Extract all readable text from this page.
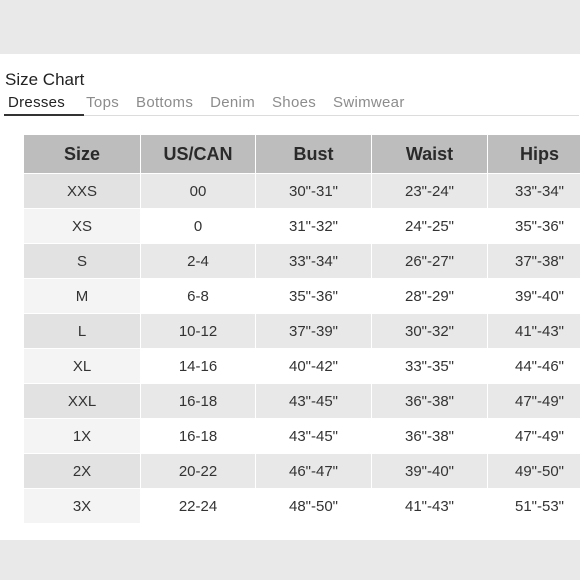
Size Chart
Dresses Tops Bottoms Denim Shoes Swimwear
Size	US/CAN	Bust	Waist	Hips
XXS	00	30"-31"	23"-24"	33"-34"
XS	0	31"-32"	24"-25"	35"-36"
S	2-4	33"-34"	26"-27"	37"-38"
M	6-8	35"-36"	28"-29"	39"-40"
L	10-12	37"-39"	30"-32"	41"-43"
XL	14-16	40"-42"	33"-35"	44"-46"
XXL	16-18	43"-45"	36"-38"	47"-49"
1X	16-18	43"-45"	36"-38"	47"-49"
2X	20-22	46"-47"	39"-40"	49"-50"
3X	22-24	48"-50"	41"-43"	51"-53"
